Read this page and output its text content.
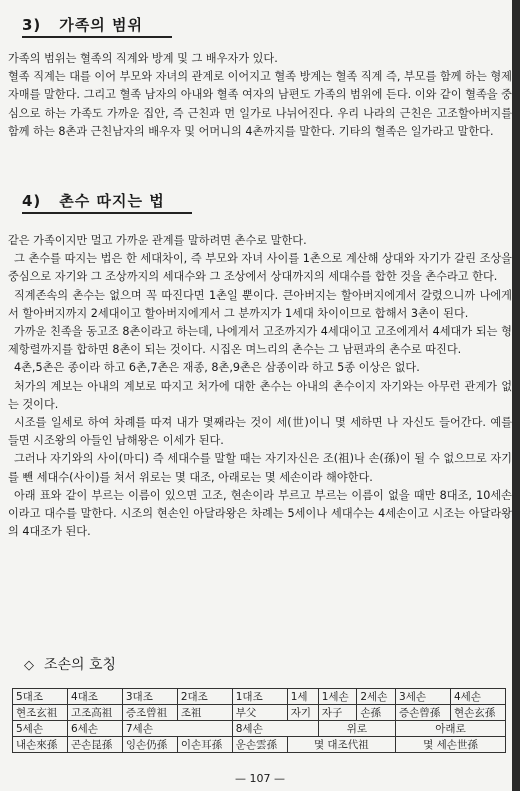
3) 가족의 범위

가족의 범위는 혈족의 직계와 방계 및 그 배우자가 있다.

혈족 직계는 대를 이어 부모와 자녀의 관계로 이어지고 혈족 방계는 혈족 직계 즉, 부모를 함께 하는 형제자매를 말한다. 그리고 혈족 남자의 아내와 혈족 여자의 남편도 가족의 범위에 든다. 이와 같이 혈족을 중심으로 하는 가족도 가까운 집안, 즉 근친과 먼 일가로 나뉘어진다. 우리 나라의 근친은 고조할아버지를 함께 하는 8촌과 근친남자의 배우자 및 어머니의 4촌까지를 말한다. 기타의 혈족은 일가라고 말한다.

4) 촌수 따지는 법

같은 가족이지만 멀고 가까운 관계를 말하려면 촌수로 말한다.

그 촌수를 따지는 법은 한 세대차이, 즉 부모와 자녀 사이를 1촌으로 계산해 상대와 자기가 갈린 조상을 중심으로 자기와 그 조상까지의 세대수와 그 조상에서 상대까지의 세대수를 합한 것을 촌수라고 한다.

직계존속의 촌수는 없으며 꼭 따진다면 1촌일 뿐이다. 큰아버지는 할아버지에게서 갈렸으니까 나에게서 할아버지까지 2세대이고 할아버지에게서 그 분까지가 1세대 차이이므로 합해서 3촌이 된다.

가까운 친족을 동고조 8촌이라고 하는데, 나에게서 고조까지가 4세대이고 고조에게서 4세대가 되는 형제항렬까지를 합하면 8촌이 되는 것이다. 시집온 며느리의 촌수는 그 남편과의 촌수로 따진다.

4촌,5촌은 종이라 하고 6촌,7촌은 재종, 8촌,9촌은 삼종이라 하고 5종 이상은 없다.

처가의 계보는 아내의 계보로 따지고 처가에 대한 촌수는 아내의 촌수이지 자기와는 아무런 관계가 없는 것이다.

시조를 일세로 하여 차례를 따져 내가 몇째라는 것이 세(世)이니 몇 세하면 나 자신도 들어간다. 예를 들면 시조왕의 아들인 남해왕은 이세가 된다.

그러나 자기와의 사이(마디) 즉 세대수를 말할 때는 자기자신은 조(祖)나 손(孫)이 될 수 없으므로 자기를 뺀 세대수(사이)를 쳐서 위로는 몇 대조, 아래로는 몇 세손이라 해야한다.

아래 표와 같이 부르는 이름이 있으면 고조, 현손이라 부르고 부르는 이름이 없을 때만 8대조, 10세손이라고 대수를 말한다. 시조의 현손인 아달라왕은 차례는 5세이나 세대수는 4세손이고 시조는 아달라왕의 4대조가 된다.

◇ 조손의 호칭
5대조	4대조	3대조	2대조	1대조	1세	1세손	2세손	3세손	4세손
현조玄祖	고조高祖	증조曾祖	조祖	부父	자기	자子	손孫	증손曾孫	현손玄孫
5세손	6세손	7세손		8세손		위로		아래로	
내손來孫	곤손昆孫	잉손仍孫	이손耳孫	운손雲孫	몇 대조代祖			몇 세손世孫	
— 107 —
